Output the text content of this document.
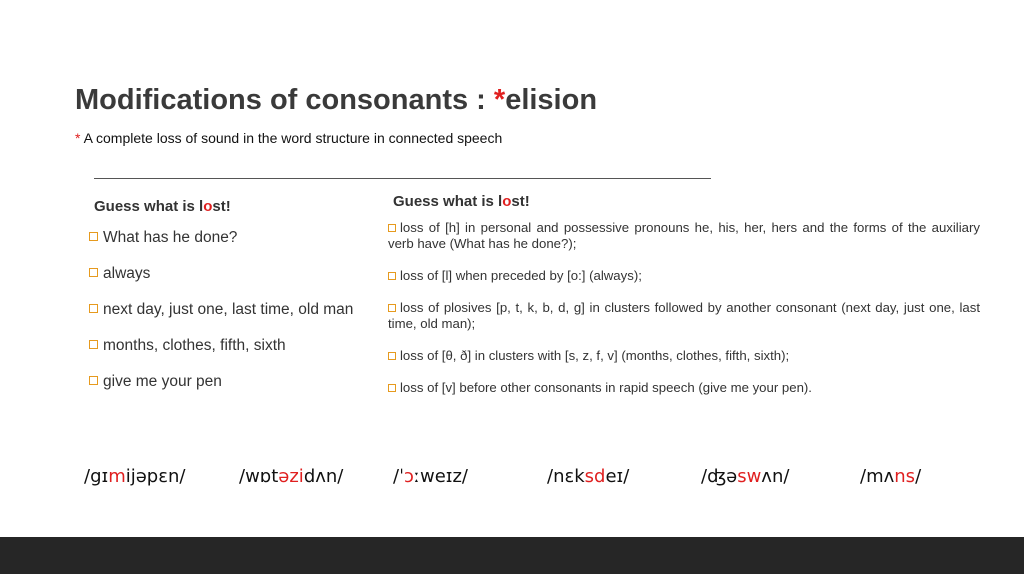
Modifications of consonants : *elision
* A complete loss of sound in the word structure in connected speech
Guess what is lost!
What has he done?
always
next day, just one, last time, old man
months, clothes, fifth, sixth
give me your pen
Guess what is lost!
loss of [h] in personal and possessive pronouns he, his, her, hers and the forms of the auxiliary verb have (What has he done?);
loss of [l] when preceded by [o:] (always);
loss of plosives [p, t, k, b, d, g] in clusters followed by another consonant (next day, just one, last time, old man);
loss of [θ, ð] in clusters with [s, z, f, v] (months, clothes, fifth, sixth);
loss of [v] before other consonants in rapid speech (give me your pen).
/gɪmijəpɛn/	/wɒtəzidʌn/	/ˈɔːweɪz/	/nɛksdeɪ/	/ʤəswʌn/	/mʌns/
